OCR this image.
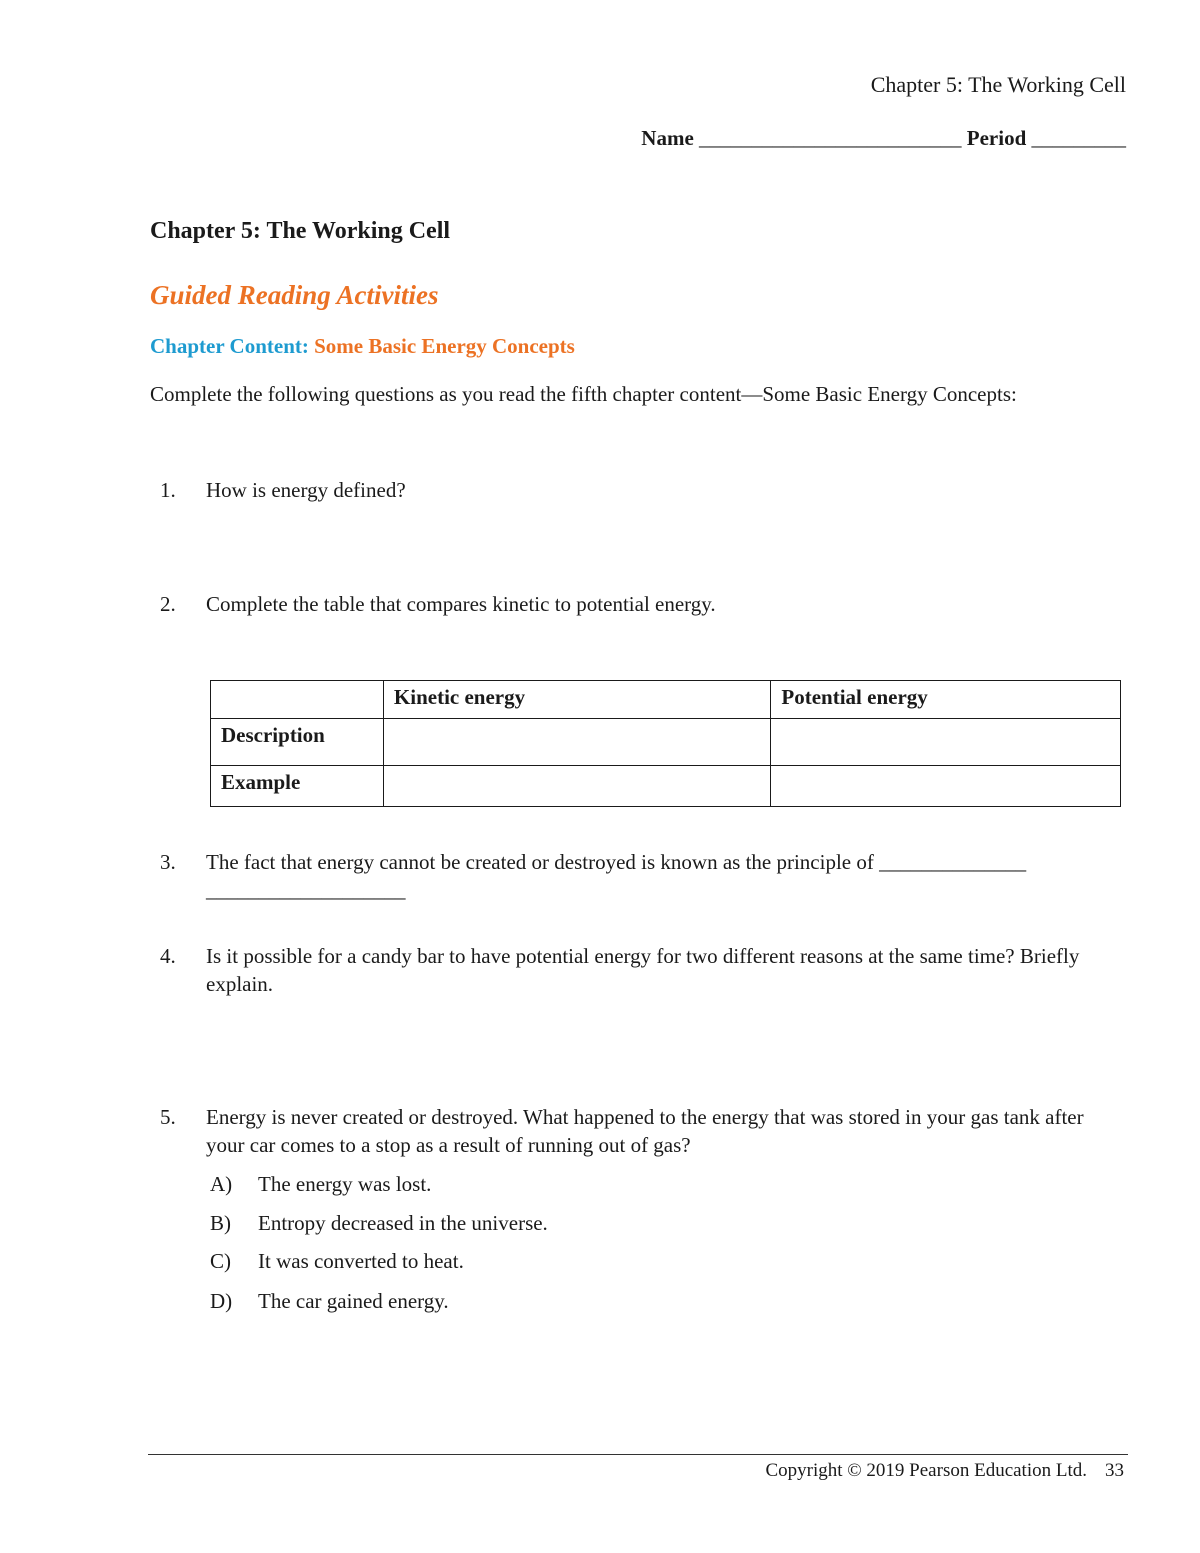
Chapter 5: The Working Cell
Name _________________________ Period _________
Chapter 5: The Working Cell
Guided Reading Activities
Chapter Content: Some Basic Energy Concepts
Complete the following questions as you read the fifth chapter content—Some Basic Energy Concepts:
1. How is energy defined?
2. Complete the table that compares kinetic to potential energy.
	Kinetic energy	Potential energy
Description		
Example		
3. The fact that energy cannot be created or destroyed is known as the principle of ______________
___________________
4. Is it possible for a candy bar to have potential energy for two different reasons at the same time? Briefly explain.
5. Energy is never created or destroyed. What happened to the energy that was stored in your gas tank after your car comes to a stop as a result of running out of gas?
A) The energy was lost.
B) Entropy decreased in the universe.
C) It was converted to heat.
D) The car gained energy.
Copyright © 2019 Pearson Education Ltd. 33
